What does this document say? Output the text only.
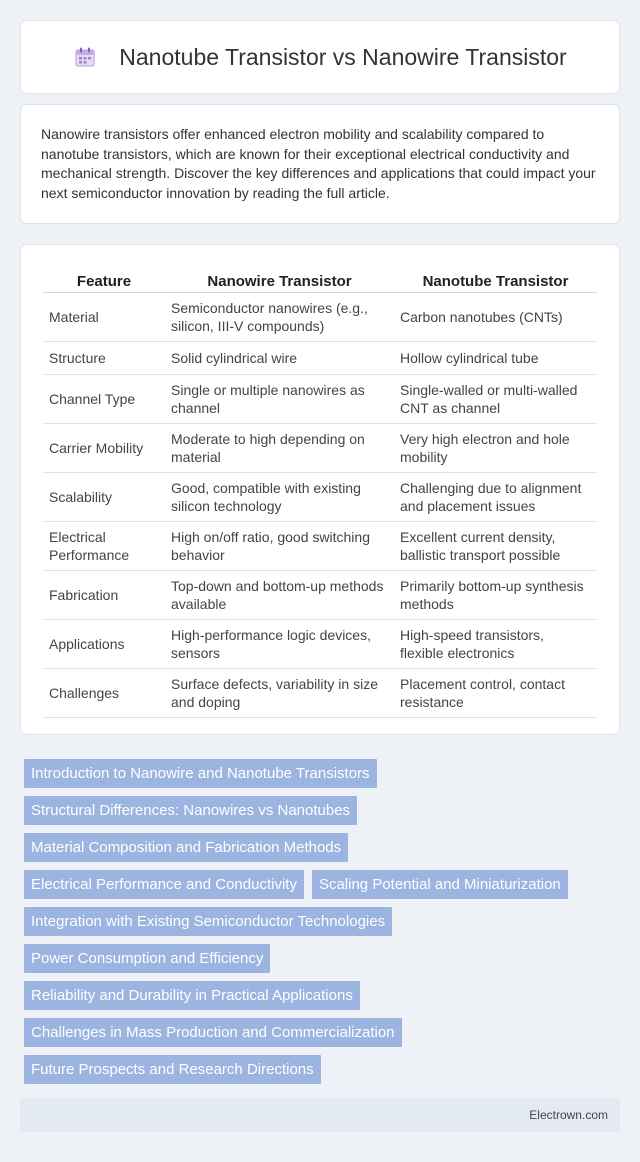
Nanotube Transistor vs Nanowire Transistor

Nanowire transistors offer enhanced electron mobility and scalability compared to nanotube transistors, which are known for their exceptional electrical conductivity and mechanical strength. Discover the key differences and applications that could impact your next semiconductor innovation by reading the full article.

Feature	Nanowire Transistor	Nanotube Transistor
Material	Semiconductor nanowires (e.g., silicon, III-V compounds)	Carbon nanotubes (CNTs)
Structure	Solid cylindrical wire	Hollow cylindrical tube
Channel Type	Single or multiple nanowires as channel	Single-walled or multi-walled CNT as channel
Carrier Mobility	Moderate to high depending on material	Very high electron and hole mobility
Scalability	Good, compatible with existing silicon technology	Challenging due to alignment and placement issues
Electrical Performance	High on/off ratio, good switching behavior	Excellent current density, ballistic transport possible
Fabrication	Top-down and bottom-up methods available	Primarily bottom-up synthesis methods
Applications	High-performance logic devices, sensors	High-speed transistors, flexible electronics
Challenges	Surface defects, variability in size and doping	Placement control, contact resistance
Introduction to Nanowire and Nanotube Transistors
Structural Differences: Nanowires vs Nanotubes
Material Composition and Fabrication Methods
Electrical Performance and Conductivity	Scaling Potential and Miniaturization
Integration with Existing Semiconductor Technologies
Power Consumption and Efficiency
Reliability and Durability in Practical Applications
Challenges in Mass Production and Commercialization
Future Prospects and Research Directions
Electrown.com
